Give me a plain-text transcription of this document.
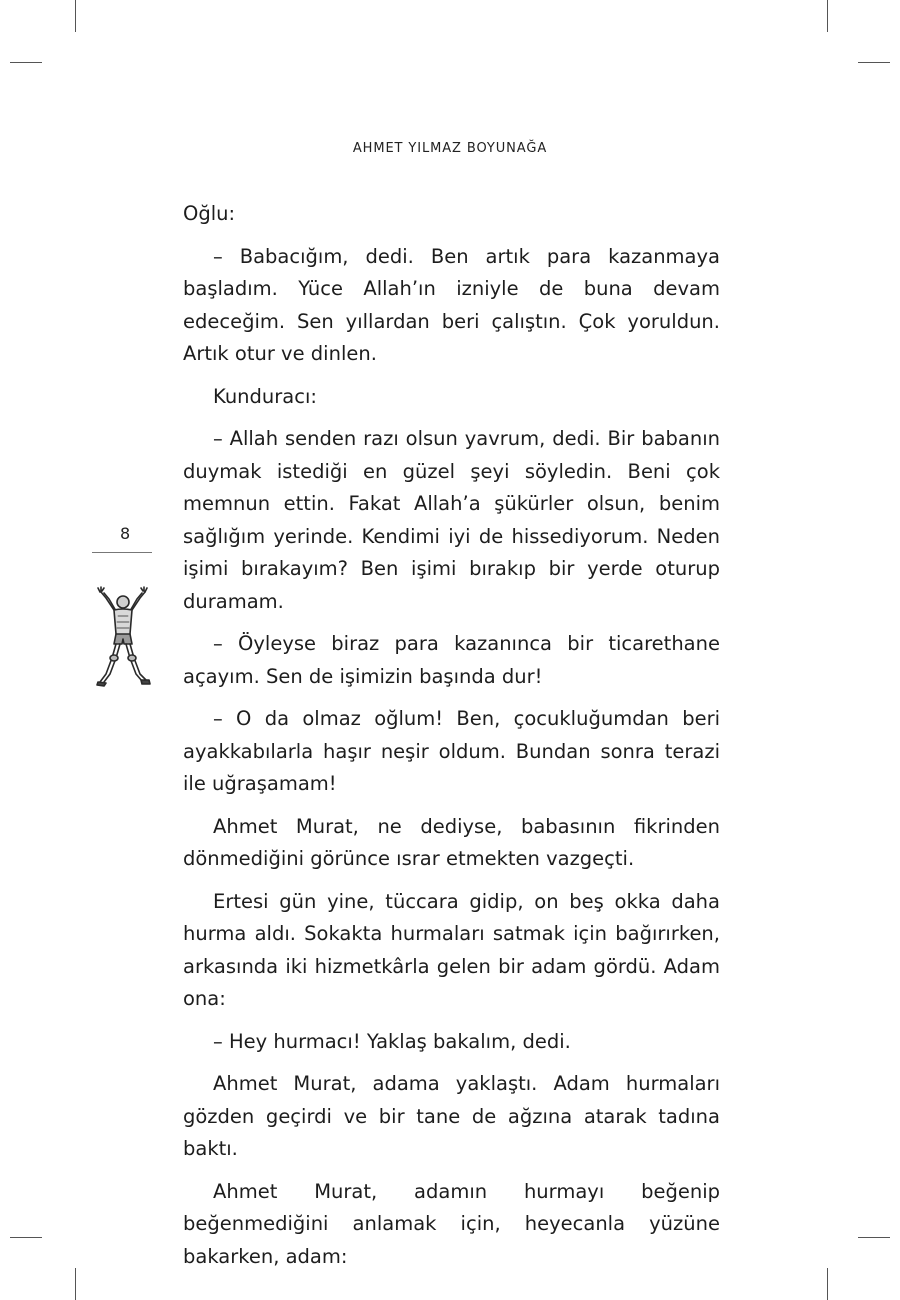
AHMET YILMAZ BOYUNAĞA

Oğlu:

– Babacığım, dedi. Ben artık para kazanmaya başladım. Yüce Allah’ın izniyle de buna devam edeceğim. Sen yıllardan beri çalıştın. Çok yoruldun. Artık otur ve dinlen.

Kunduracı:

– Allah senden razı olsun yavrum, dedi. Bir babanın duymak istediği en güzel şeyi söyledin. Beni çok memnun ettin. Fakat Allah’a şükürler olsun, benim sağlığım yerinde. Kendimi iyi de hissediyorum. Neden işimi bırakayım? Ben işimi bırakıp bir yerde oturup duramam.

– Öyleyse biraz para kazanınca bir ticarethane açayım. Sen de işimizin başında dur!

– O da olmaz oğlum! Ben, çocukluğumdan beri ayakkabılarla haşır neşir oldum. Bundan sonra terazi ile uğraşamam!

Ahmet Murat, ne dediyse, babasının fikrinden dönmediğini görünce ısrar etmekten vazgeçti.

Ertesi gün yine, tüccara gidip, on beş okka daha hurma aldı. Sokakta hurmaları satmak için bağırırken, arkasında iki hizmetkârla gelen bir adam gördü. Adam ona:

– Hey hurmacı! Yaklaş bakalım, dedi.

Ahmet Murat, adama yaklaştı. Adam hurmaları gözden geçirdi ve bir tane de ağzına atarak tadına baktı.

Ahmet Murat, adamın hurmayı beğenip beğenmediğini anlamak için, heyecanla yüzüne bakarken, adam:

8
